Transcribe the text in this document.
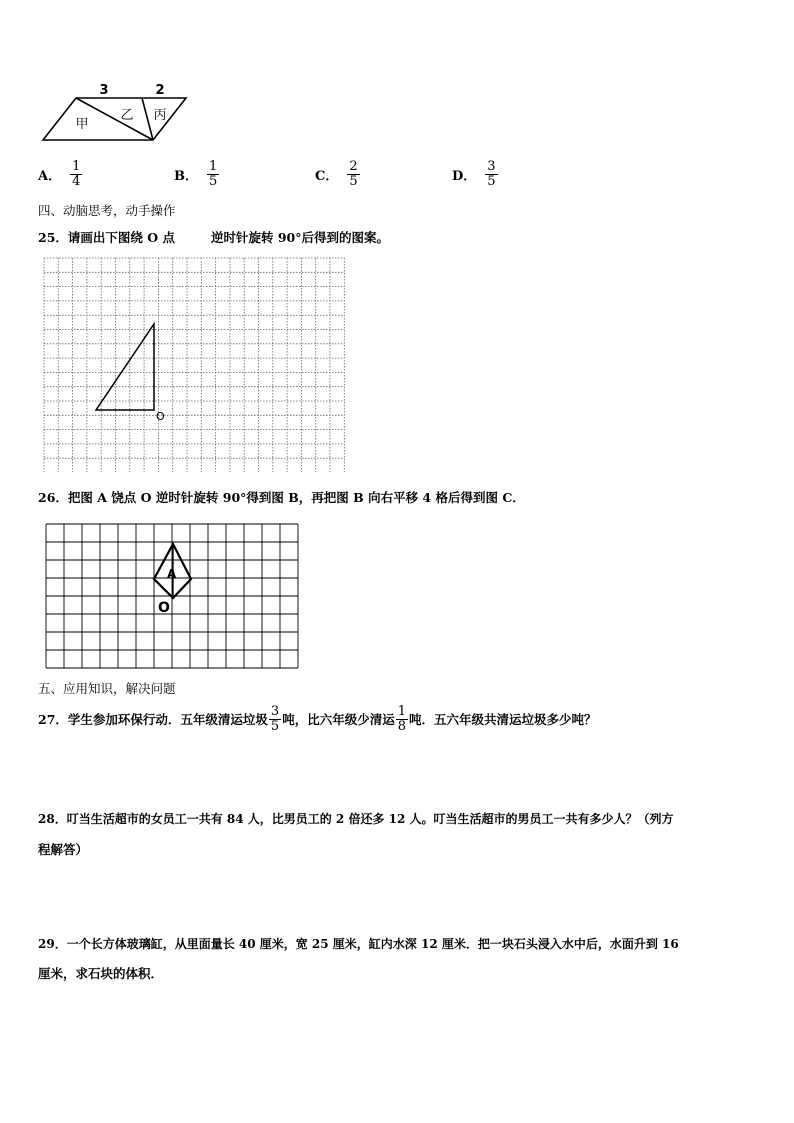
3	2
甲
乙 丙
A． $\frac{1}{4}$	B． $\frac{1}{5}$	C． $\frac{2}{5}$	D． $\frac{3}{5}$
四、动脑思考，动手操作
25．请画出下图绕 O 点	逆时针旋转 90°后得到的图案。
O
26．把图 A 饶点 O 逆时针旋转 90°得到图 B，再把图 B 向右平移 4 格后得到图 C．
A
O
五、应用知识，解决问题
27．学生参加环保行动．五年级清运垃圾 $\frac{3}{5}$ 吨，比六年级少清运 $\frac{1}{8}$ 吨．五六年级共清运垃圾多少吨？
28．叮当生活超市的女员工一共有 84 人，比男员工的 2 倍还多 12 人。叮当生活超市的男员工一共有多少人？（列方
程解答）
29．一个长方体玻璃缸，从里面量长 40 厘米，宽 25 厘米，缸内水深 12 厘米．把一块石头浸入水中后，水面升到 16
厘米，求石块的体积．
